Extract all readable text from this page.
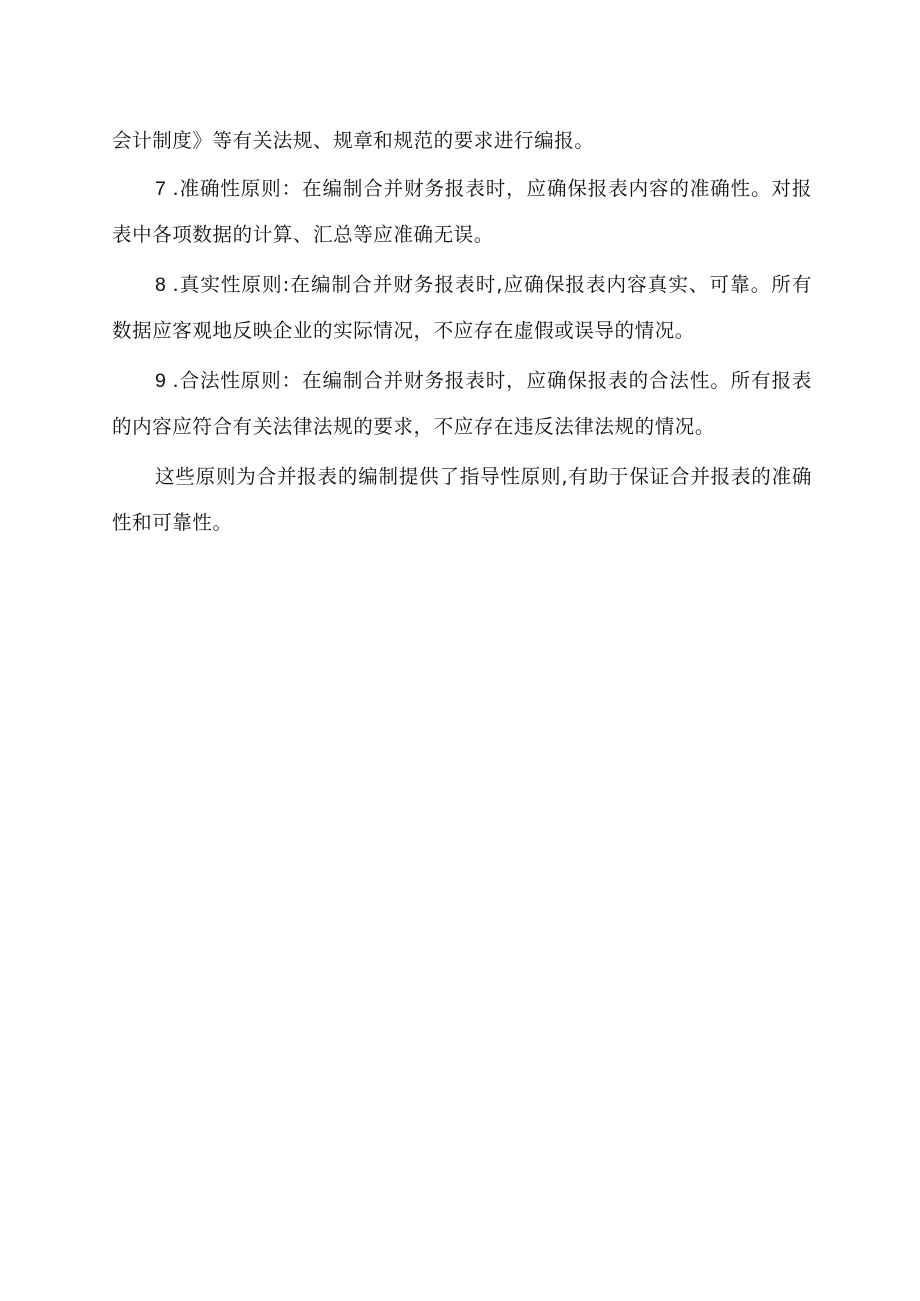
会计制度》等有关法规、规章和规范的要求进行编报。

7 .准确性原则：在编制合并财务报表时，应确保报表内容的准确性。对报表中各项数据的计算、汇总等应准确无误。

8 .真实性原则:在编制合并财务报表时,应确保报表内容真实、可靠。所有数据应客观地反映企业的实际情况，不应存在虚假或误导的情况。

9 .合法性原则：在编制合并财务报表时，应确保报表的合法性。所有报表的内容应符合有关法律法规的要求，不应存在违反法律法规的情况。

这些原则为合并报表的编制提供了指导性原则,有助于保证合并报表的准确性和可靠性。
